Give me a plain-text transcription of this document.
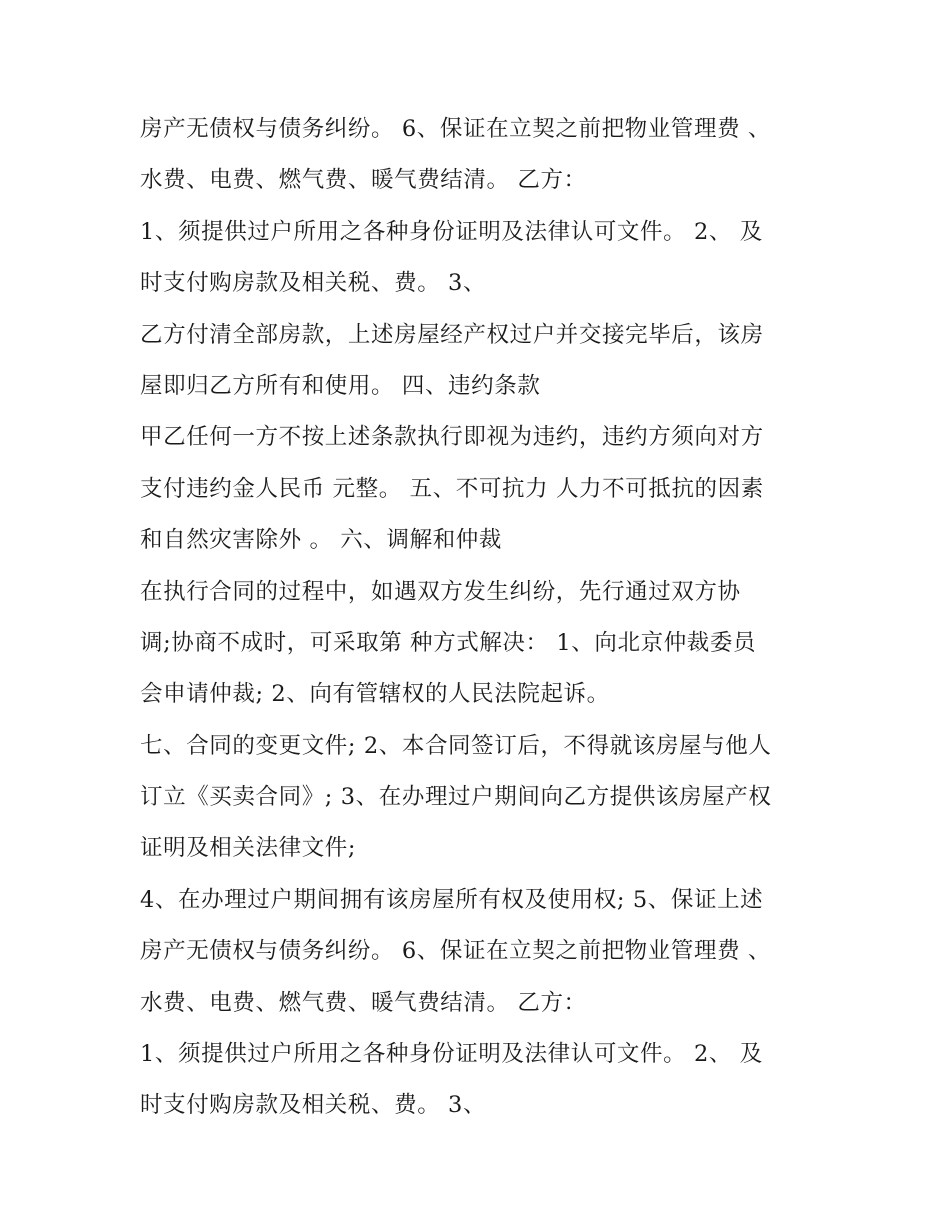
房产无债权与债务纠纷。 6、保证在立契之前把物业管理费 、
水费、电费、燃气费、暖气费结清。 乙方：
1、须提供过户所用之各种身份证明及法律认可文件。 2、 及
时支付购房款及相关税、费。 3、
乙方付清全部房款，上述房屋经产权过户并交接完毕后，该房
屋即归乙方所有和使用。 四、违约条款
甲乙任何一方不按上述条款执行即视为违约，违约方须向对方
支付违约金人民币 元整。 五、不可抗力 人力不可抵抗的因素
和自然灾害除外 。 六、调解和仲裁
在执行合同的过程中，如遇双方发生纠纷，先行通过双方协
调;协商不成时，可采取第 种方式解决： 1、向北京仲裁委员
会申请仲裁; 2、向有管辖权的人民法院起诉。
七、合同的变更文件; 2、本合同签订后，不得就该房屋与他人
订立《买卖合同》; 3、在办理过户期间向乙方提供该房屋产权
证明及相关法律文件;
4、在办理过户期间拥有该房屋所有权及使用权; 5、保证上述
房产无债权与债务纠纷。 6、保证在立契之前把物业管理费 、
水费、电费、燃气费、暖气费结清。 乙方：
1、须提供过户所用之各种身份证明及法律认可文件。 2、 及
时支付购房款及相关税、费。 3、
